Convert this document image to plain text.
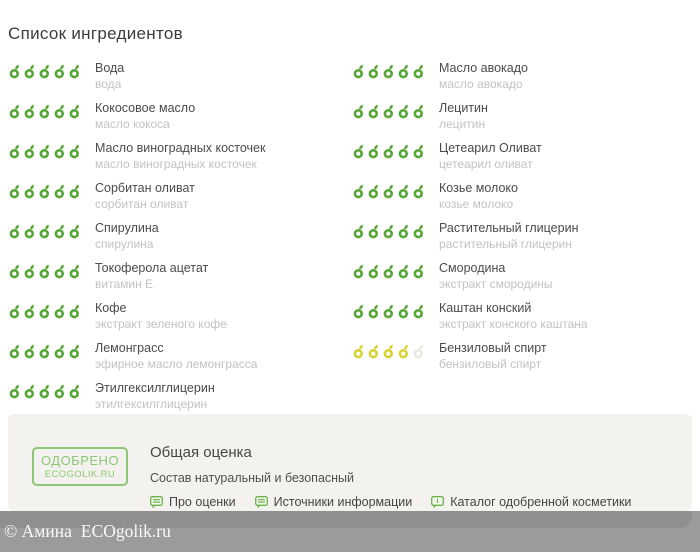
Список ингредиентов
Вода
вода
Кокосовое масло
масло кокоса
Масло виноградных косточек
масло виноградных косточек
Сорбитан оливат
сорбитан оливат
Спирулина
спирулина
Токоферола ацетат
витамин Е
Кофе
экстракт зеленого кофе
Лемонграсс
эфирное масло лемонграсса
Этилгексилглицерин
этилгексилглицерин
Масло авокадо
масло авокадо
Лецитин
лецитин
Цетеарил Оливат
цетеарил оливат
Козье молоко
козье молоко
Растительный глицерин
растительный глицерин
Смородина
экстракт смородины
Каштан конский
экстракт конского каштана
Бензиловый спирт
бензиловый спирт
ОДОБРЕНО
ECOGOLIK.RU
Общая оценка
Состав натуральный и безопасный
Про оценки	Источники информации	Каталог одобренной косметики
© Амина ECOgolik.ru
